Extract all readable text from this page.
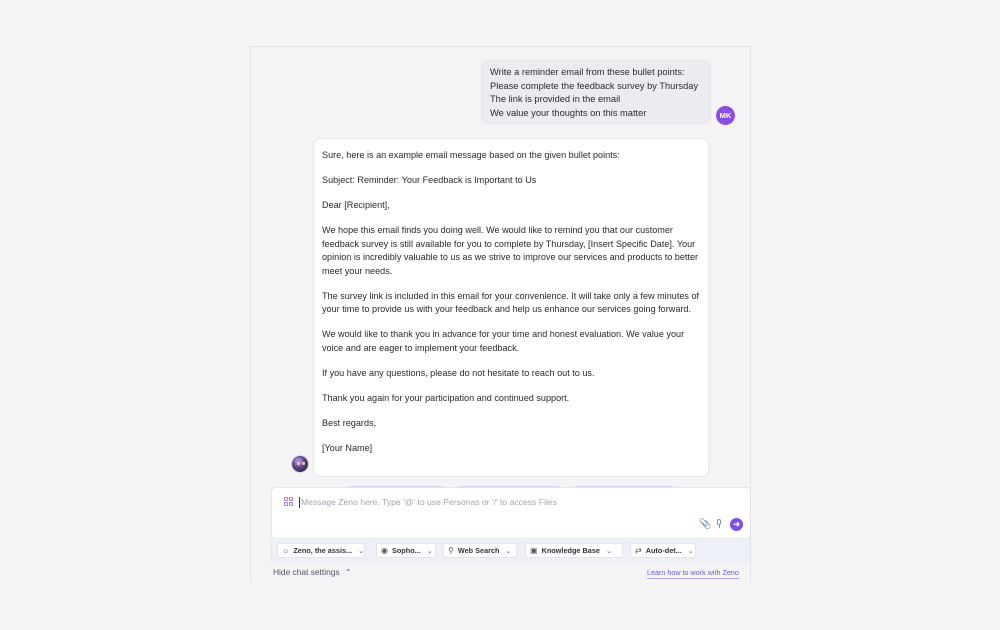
Write a reminder email from these bullet points:
Please complete the feedback survey by Thursday
The link is provided in the email
We value your thoughts on this matter	MK

Sure, here is an example email message based on the given bullet points:

Subject: Reminder: Your Feedback is Important to Us

Dear [Recipient],

We hope this email finds you doing well. We would like to remind you that our customer feedback survey is still available for you to complete by Thursday, [Insert Specific Date]. Your opinion is incredibly valuable to us as we strive to improve our services and products to better meet your needs.

The survey link is included in this email for your convenience. It will take only a few minutes of your time to provide us with your feedback and help us enhance our services going forward.

We would like to thank you in advance for your time and honest evaluation. We value your voice and are eager to implement your feedback.

If you have any questions, please do not hesitate to reach out to us.

Thank you again for your participation and continued support.

Best regards,

[Your Name]

Message Zeno here. Type '@' to use Personas or '/' to access Files
📎	➜
☼ Zeno, the assis... ⌄ ◉ Sopho... ⌄ ⚲ Web Search ⌄ ▣ Knowledge Base ⌄	⇄ Auto-det... ⌄
Hide chat settings ⌃	Learn how to work with Zeno
